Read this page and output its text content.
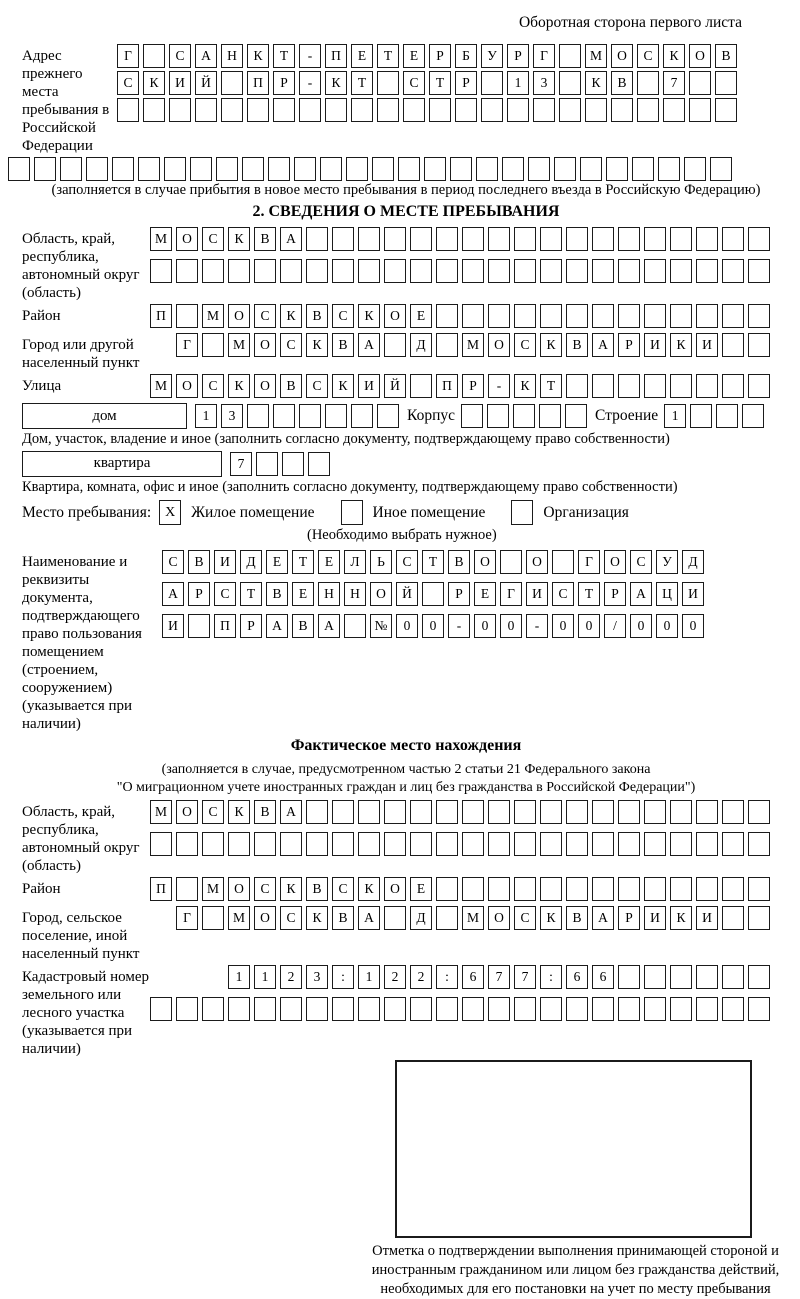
Оборотная сторона первого листа
Адрес прежнего места пребывания в Российской Федерации
Г	С	А	Н	К	Т	-	П	Е	Т	Е	Р	Б	У	Р	Г	М	О	С	К	О	В
С	К	И	Й	П	Р	-	К	Т	С	Т	Р	1	3	К	В	7
(заполняется в случае прибытия в новое место пребывания в период последнего въезда в Российскую Федерацию)
2. СВЕДЕНИЯ О МЕСТЕ ПРЕБЫВАНИЯ
Область, край, республика, автономный округ (область)
М	О	С	К	В	А
Район	П	М	О	С	К	В	С	К	О	Е
Город или другой населенный пункт
Г	М	О	С	К	В	А	Д	М	О	С	К	В	А	Р	И	К	И
Улица	М	О	С	К	О	В	С	К	И	Й	П	Р	-	К	Т
дом	1	3	Корпус	Строение	1
Дом, участок, владение и иное (заполнить согласно документу, подтверждающему право собственности)
квартира	7
Квартира, комната, офис и иное (заполнить согласно документу, подтверждающему право собственности)
Место пребывания: X	Жилое помещение	Иное помещение	Организация
(Необходимо выбрать нужное)
Наименование и реквизиты документа, подтверждающего право пользования помещением (строением, сооружением) (указывается при наличии)
С	В	И	Д	Е	Т	Е	Л	Ь	С	Т	В	О	О	Г	О	С	У	Д
А	Р	С	Т	В	Е	Н	Н	О	Й	Р	Е	Г	И	С	Т	Р	А	Ц	И
И	П	Р	А	В	А	№	0	0	-	0	0	-	0	0	/	0	0	0
Фактическое место нахождения
(заполняется в случае, предусмотренном частью 2 статьи 21 Федерального закона
"О миграционном учете иностранных граждан и лиц без гражданства в Российской Федерации")
Область, край, республика, автономный округ (область)
М	О	С	К	В	А
Район	П	М	О	С	К	В	С	К	О	Е
Город, сельское поселение, иной населенный пункт
Г	М	О	С	К	В	А	Д	М	О	С	К	В	А	Р	И	К	И
Кадастровый номер земельного или лесного участка (указывается при наличии)
1	1	2	3	:	1	2	2	:	6	7	7	:	6	6
Отметка о подтверждении выполнения принимающей стороной и иностранным гражданином или лицом без гражданства действий, необходимых для его постановки на учет по месту пребывания
